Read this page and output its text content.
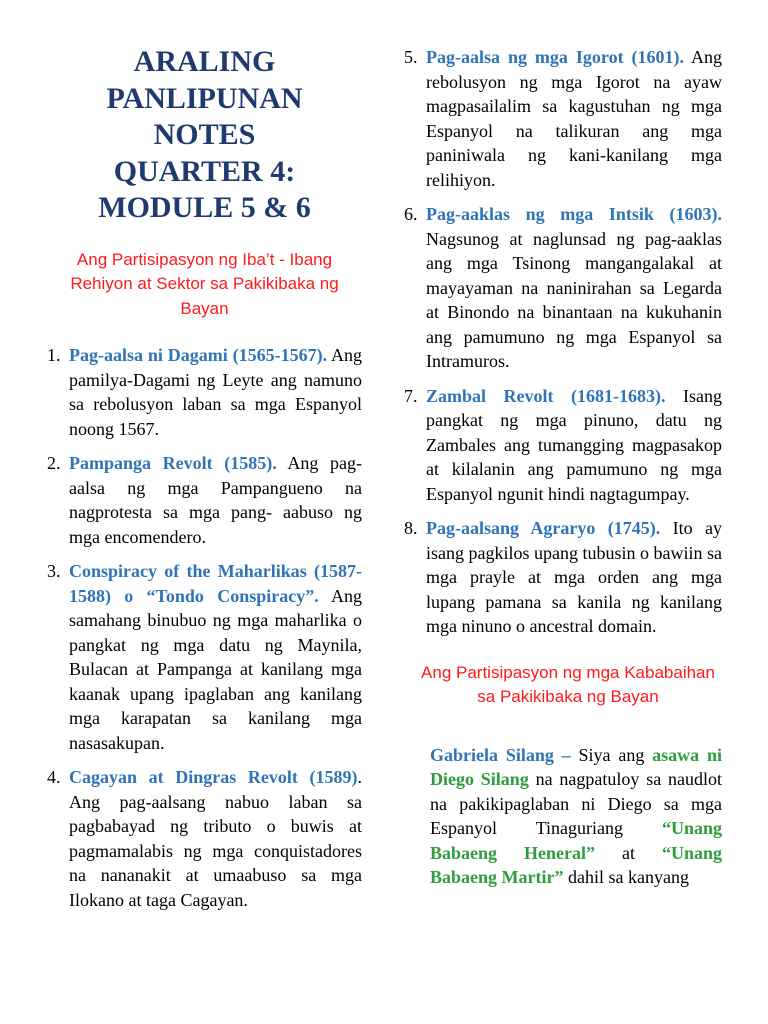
ARALING
PANLIPUNAN
NOTES
QUARTER 4:
MODULE 5 & 6
Ang Partisipasyon ng Iba’t - Ibang Rehiyon at Sektor sa Pakikibaka ng Bayan
1. Pag-aalsa ni Dagami (1565-1567). Ang pamilya-Dagami ng Leyte ang namuno sa rebolusyon laban sa mga Espanyol noong 1567.
2. Pampanga Revolt (1585). Ang pag-aalsa ng mga Pampangueno na nagprotesta sa mga pang- aabuso ng mga encomendero.
3. Conspiracy of the Maharlikas (1587-1588) o “Tondo Conspiracy”. Ang samahang binubuo ng mga maharlika o pangkat ng mga datu ng Maynila, Bulacan at Pampanga at kanilang mga kaanak upang ipaglaban ang kanilang mga karapatan sa kanilang mga nasasakupan.
4. Cagayan at Dingras Revolt (1589). Ang pag-aalsang nabuo laban sa pagbabayad ng tributo o buwis at pagmamalabis ng mga conquistadores na nananakit at umaabuso sa mga Ilokano at taga Cagayan.
5. Pag-aalsa ng mga Igorot (1601). Ang rebolusyon ng mga Igorot na ayaw magpasailalim sa kagustuhan ng mga Espanyol na talikuran ang mga paniniwala ng kani-kanilang mga relihiyon.
6. Pag-aaklas ng mga Intsik (1603). Nagsunog at naglunsad ng pag-aaklas ang mga Tsinong mangangalakal at mayayaman na naninirahan sa Legarda at Binondo na binantaan na kukuhanin ang pamumuno ng mga Espanyol sa Intramuros.
7. Zambal Revolt (1681-1683). Isang pangkat ng mga pinuno, datu ng Zambales ang tumangging magpasakop at kilalanin ang pamumuno ng mga Espanyol ngunit hindi nagtagumpay.
8. Pag-aalsang Agraryo (1745). Ito ay isang pagkilos upang tubusin o bawiin sa mga prayle at mga orden ang mga lupang pamana sa kanila ng kanilang mga ninuno o ancestral domain.
Ang Partisipasyon ng mga Kababaihan sa Pakikibaka ng Bayan

Gabriela Silang – Siya ang asawa ni Diego Silang na nagpatuloy sa naudlot na pakikipaglaban ni Diego sa mga Espanyol Tinaguriang “Unang Babaeng Heneral” at “Unang Babaeng Martir” dahil sa kanyang
